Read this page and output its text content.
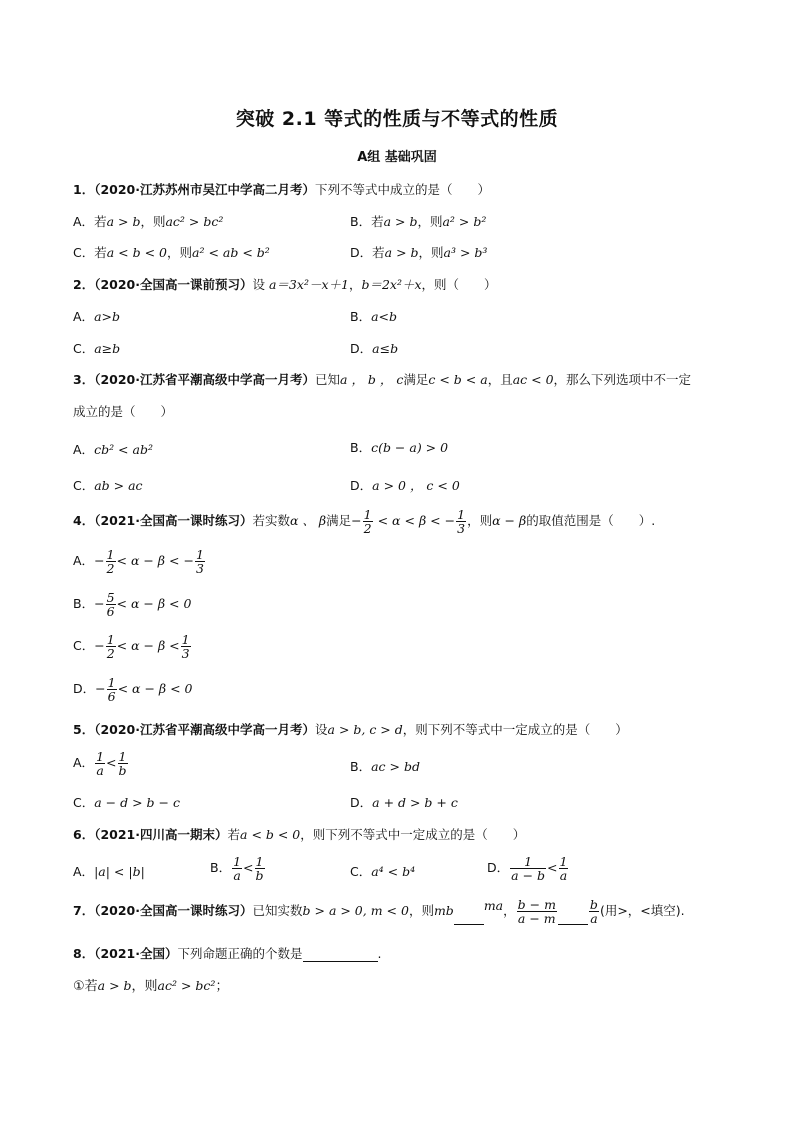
突破 2.1 等式的性质与不等式的性质
A组 基础巩固
1．（2020·江苏苏州市吴江中学高二月考）下列不等式中成立的是（　　）
A．若a > b，则ac² > bc²	B．若a > b，则a² > b²
C．若a < b < 0，则a² < ab < b²	D．若a > b，则a³ > b³
2．（2020·全国高一课前预习）设 a＝3x²－x＋1，b＝2x²＋x，则（　　）
A．a>b	B．a<b
C．a≥b	D．a≤b
3．（2020·江苏省平潮高级中学高一月考）已知a ， b ， c满足c < b < a，且ac < 0，那么下列选项中不一定
成立的是（　　）
A．cb² < ab²	B．c(b − a) > 0
C．ab > ac	D．a > 0 ， c < 0
4．（2021·全国高一课时练习）若实数α 、 β满足− $\frac{1}{2} < \alpha < \beta$ < − $\frac{1}{3}$ ，则α − β的取值范围是（　　）.
A．− $\frac{1}{2} < \alpha - \beta$ < − $\frac{1}{3}$
B．− $\frac{5}{6} < \alpha - \beta < 0$
C．− $\frac{1}{2} < \alpha - \beta < \frac{1}{3}$
D．− $\frac{1}{6} < \alpha - \beta < 0$
5．（2020·江苏省平潮高级中学高一月考）设a > b, c > d，则下列不等式中一定成立的是（　　）
A． $\frac{1}{a} < \frac{1}{b}$	B．ac > bd
C．a − d > b − c	D．a + d > b + c
6．（2021·四川高一期末）若a < b < 0，则下列不等式中一定成立的是（　　）
A．|a| < |b|	B． $\frac{1}{a} < \frac{1}{b}$	C．a⁴ < b⁴	D． $\frac{1}{a - b} < \frac{1}{a}$
7．（2020·全国高一课时练习）已知实数b > a > 0, m < 0，则mb $^{ma}$， $\frac{b - m}{a - m}$	$\frac{b}{a}$ (用>，<填空).
8．（2021·全国）下列命题正确的个数是	.
①若a > b，则ac² > bc²；
